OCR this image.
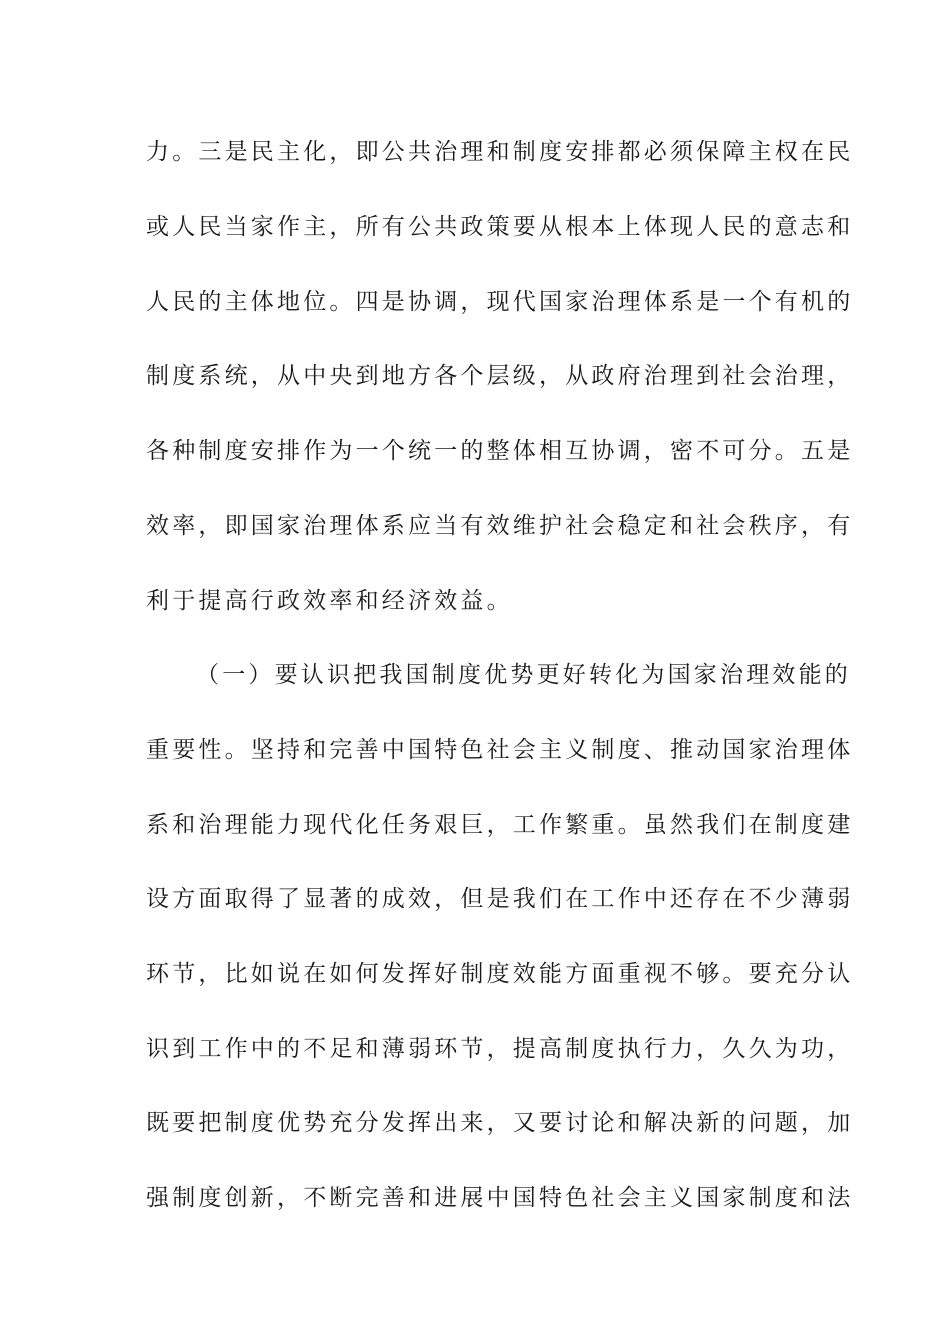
力。三是民主化，即公共治理和制度安排都必须保障主权在民
或人民当家作主，所有公共政策要从根本上体现人民的意志和
人民的主体地位。四是协调，现代国家治理体系是一个有机的
制度系统，从中央到地方各个层级，从政府治理到社会治理，
各种制度安排作为一个统一的整体相互协调，密不可分。五是
效率，即国家治理体系应当有效维护社会稳定和社会秩序，有
利于提高行政效率和经济效益。
（一）要认识把我国制度优势更好转化为国家治理效能的
重要性。坚持和完善中国特色社会主义制度、推动国家治理体
系和治理能力现代化任务艰巨，工作繁重。虽然我们在制度建
设方面取得了显著的成效，但是我们在工作中还存在不少薄弱
环节，比如说在如何发挥好制度效能方面重视不够。要充分认
识到工作中的不足和薄弱环节，提高制度执行力，久久为功，
既要把制度优势充分发挥出来，又要讨论和解决新的问题，加
强制度创新，不断完善和进展中国特色社会主义国家制度和法
